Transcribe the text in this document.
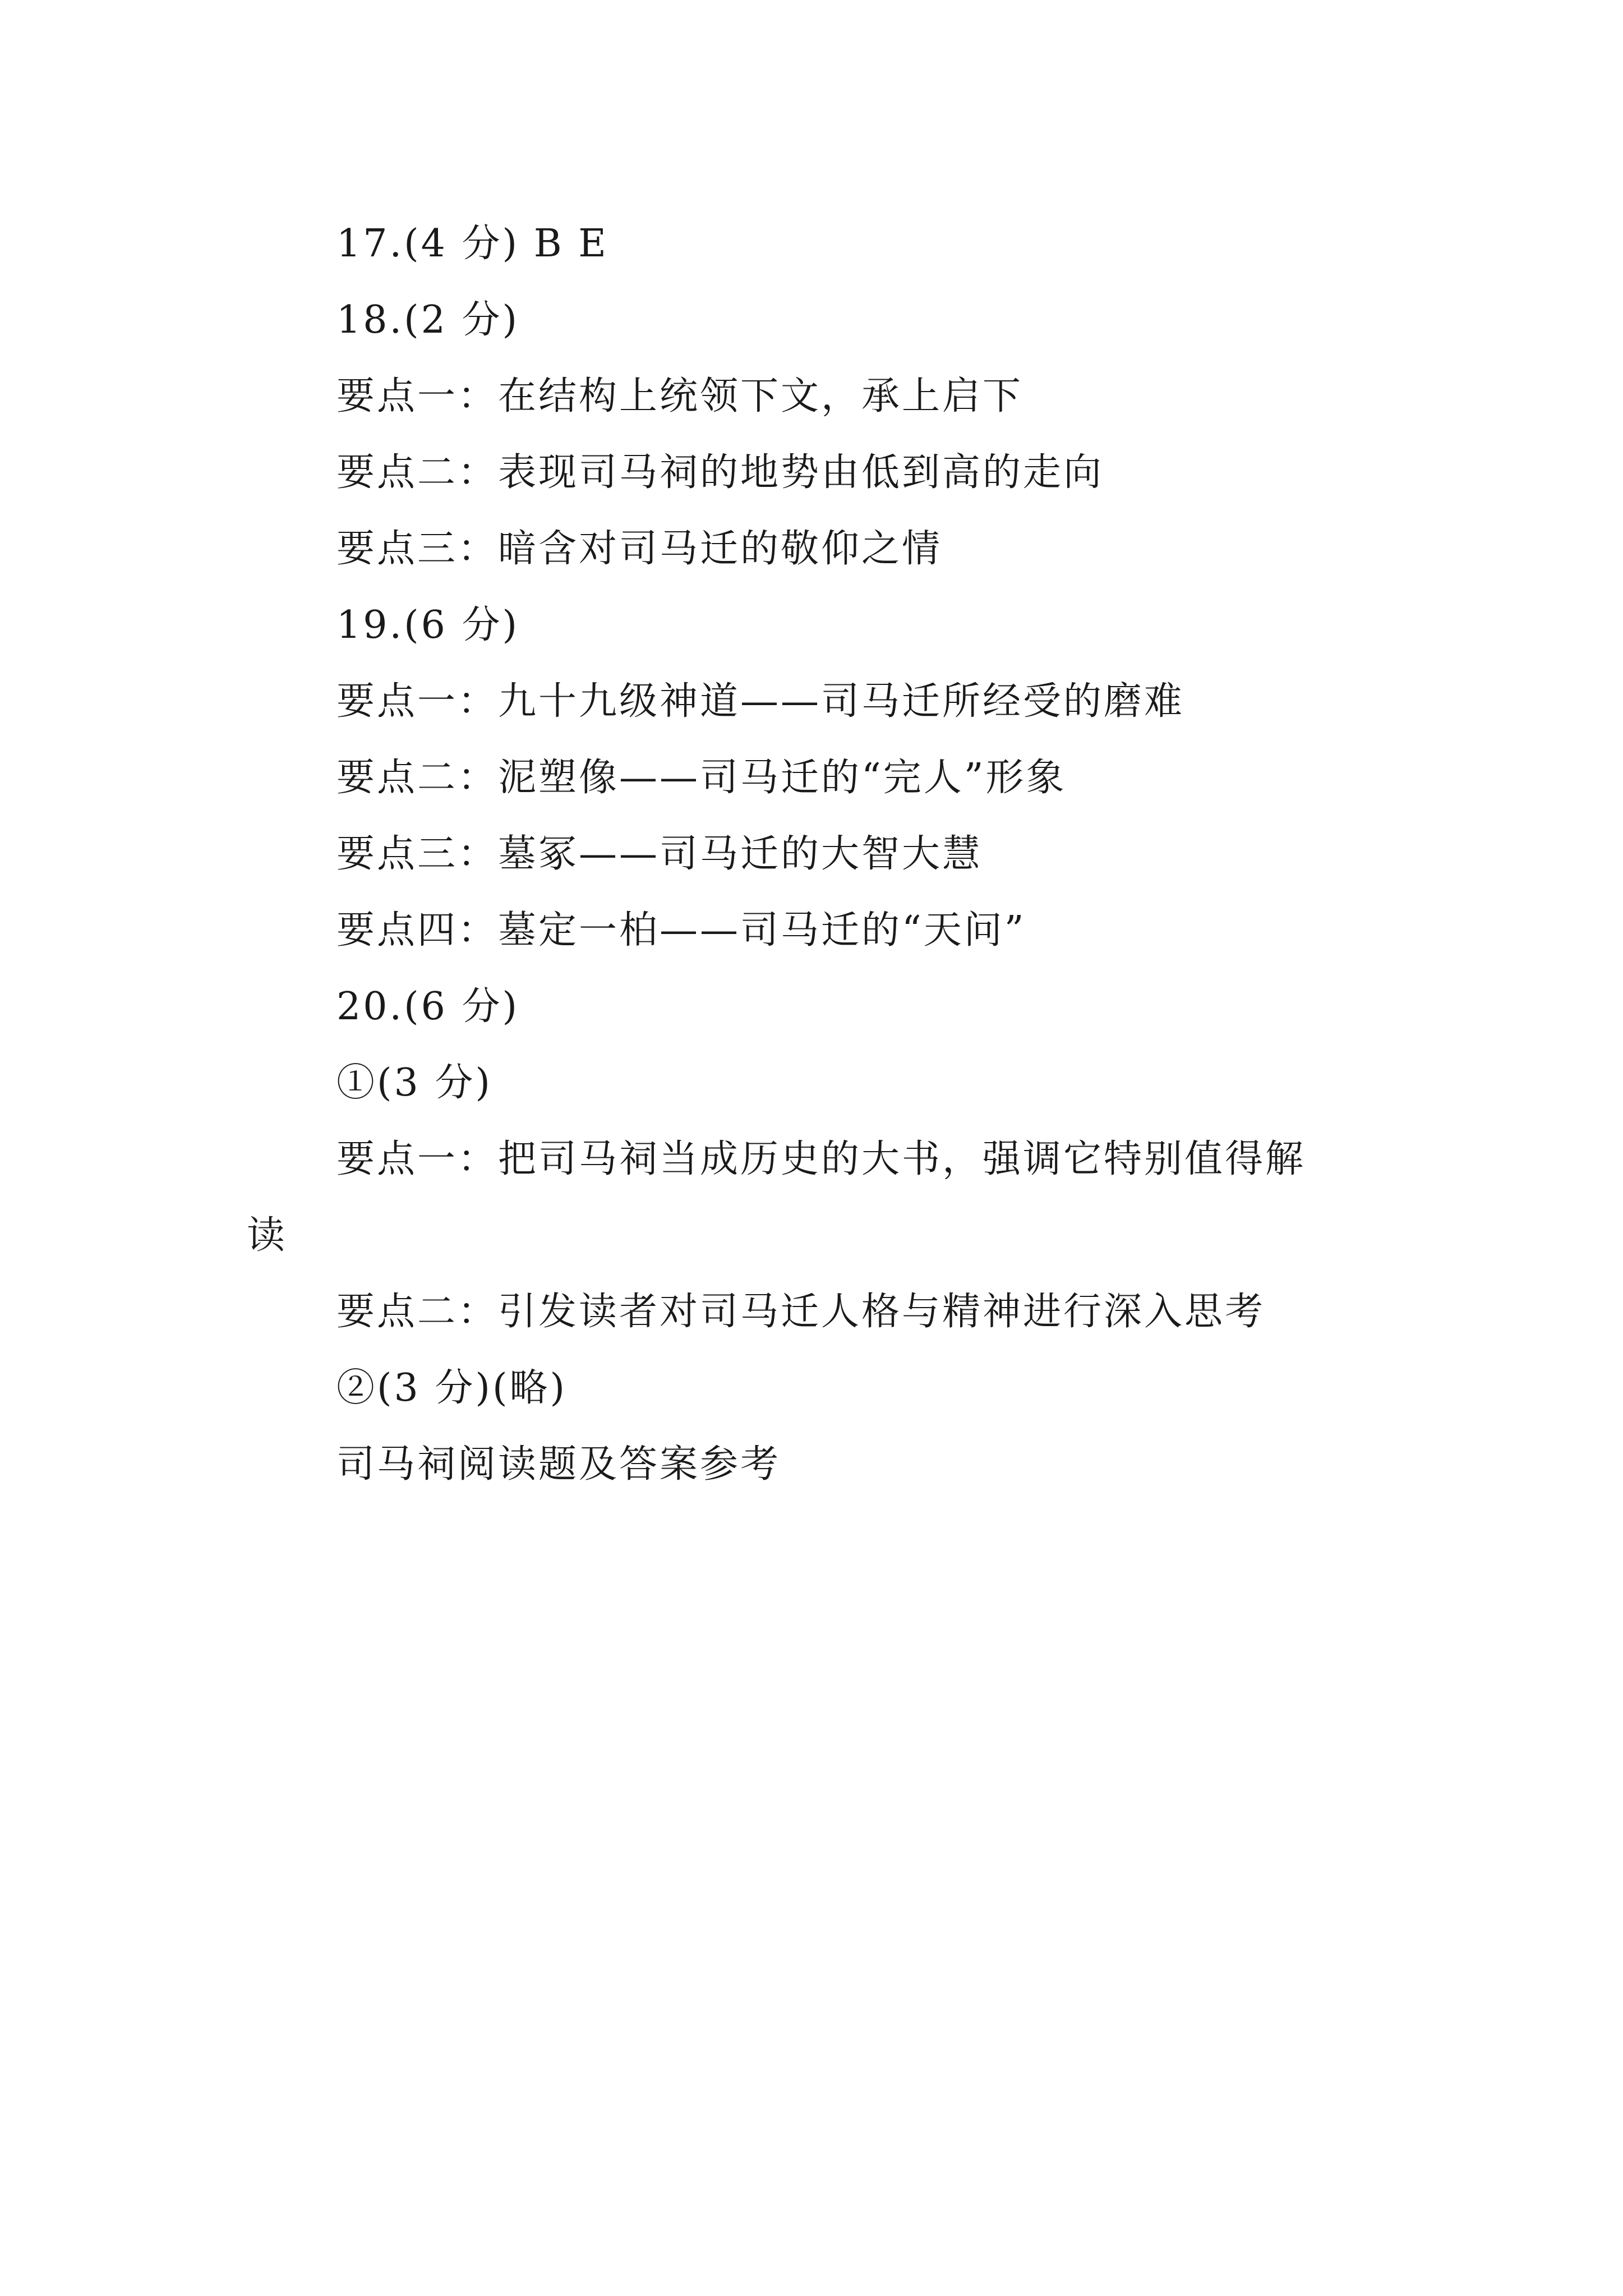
17.(4 分) B E
18.(2 分)
要点一：在结构上统领下文，承上启下
要点二：表现司马祠的地势由低到高的走向
要点三：暗含对司马迁的敬仰之情
19.(6 分)
要点一：九十九级神道——司马迁所经受的磨难
要点二：泥塑像——司马迁的“完人”形象
要点三：墓冢——司马迁的大智大慧
要点四：墓定一柏——司马迁的“天问”
20.(6 分)
①(3 分)
要点一：把司马祠当成历史的大书，强调它特别值得解
读
要点二：引发读者对司马迁人格与精神进行深入思考
②(3 分)(略)
司马祠阅读题及答案参考
